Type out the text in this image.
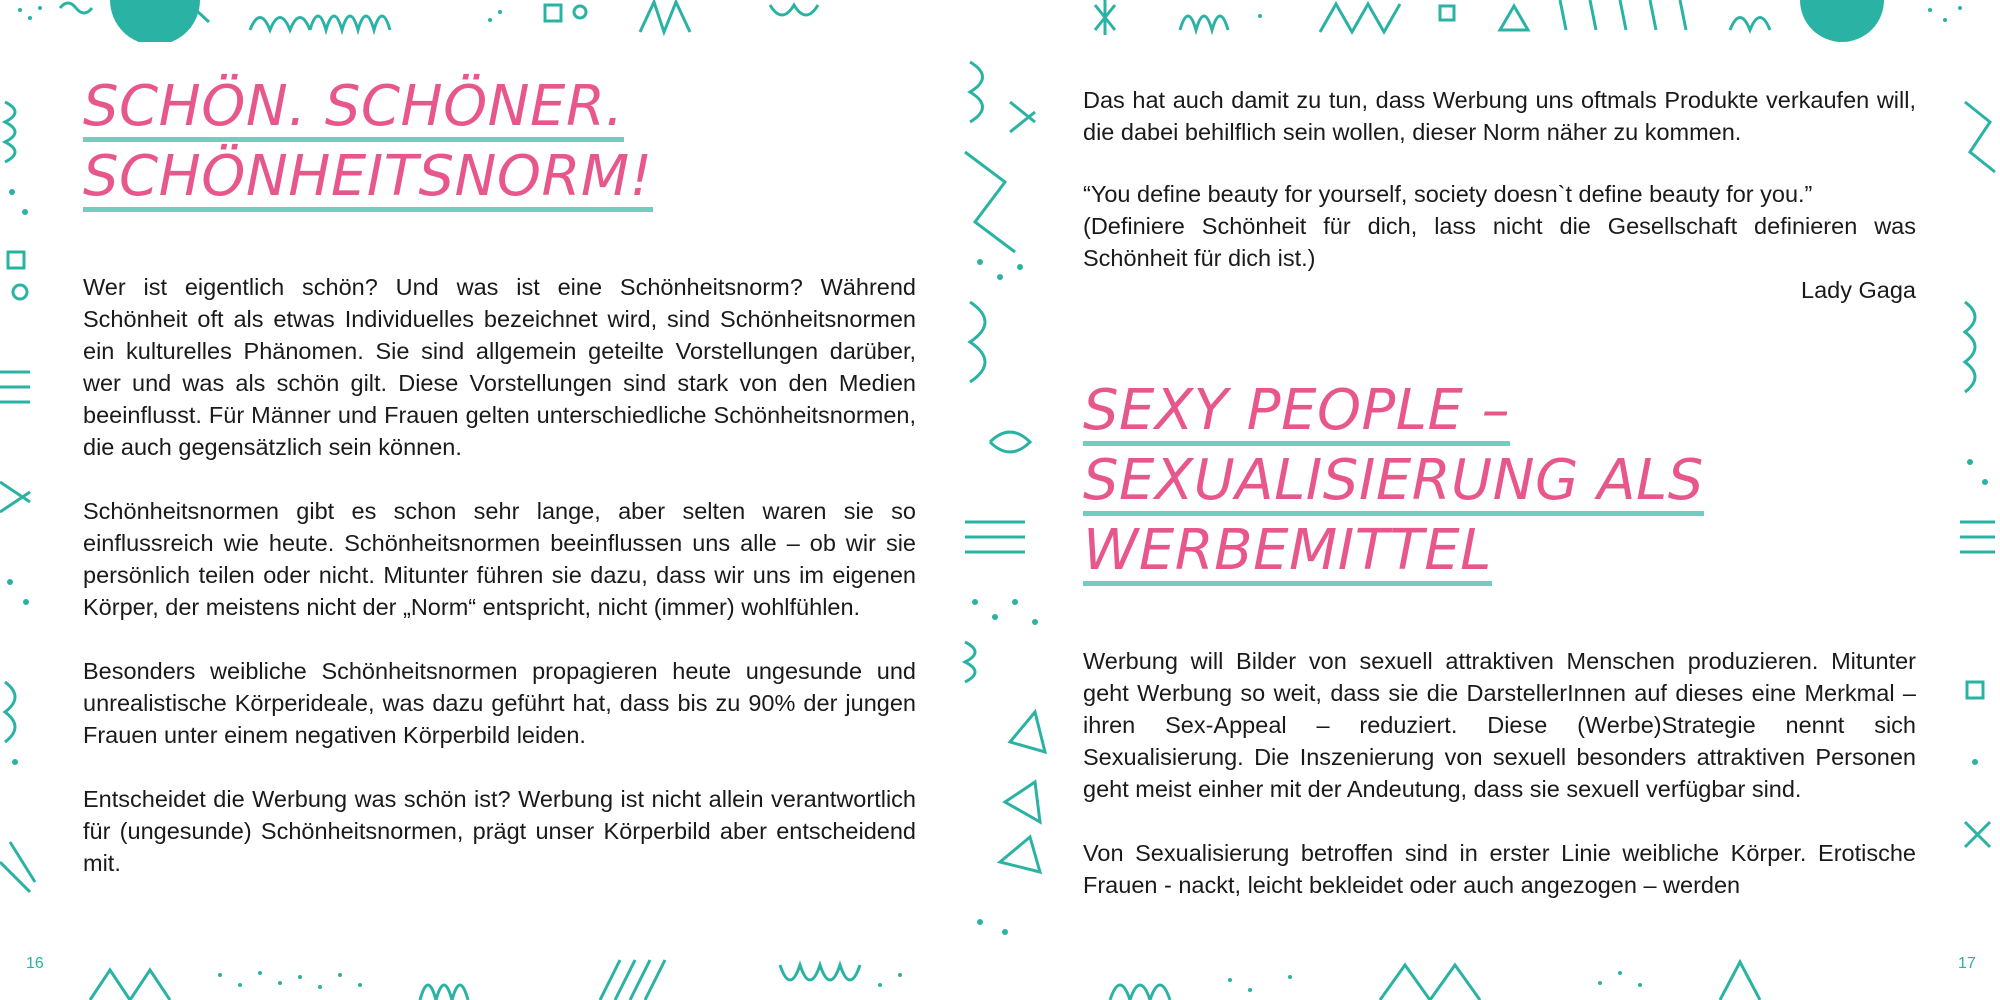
SCHÖN. SCHÖNER.
SCHÖNHEITSNORM!

Wer ist eigentlich schön? Und was ist eine Schönheitsnorm? Während Schönheit oft als etwas Individuelles bezeichnet wird, sind Schönheitsnormen ein kulturelles Phänomen. Sie sind allgemein geteilte Vorstellungen darüber, wer und was als schön gilt. Diese Vorstellungen sind stark von den Medien beeinflusst. Für Männer und Frauen gelten unterschiedliche Schönheitsnormen, die auch gegensätzlich sein können.

Schönheitsnormen gibt es schon sehr lange, aber selten waren sie so einflussreich wie heute. Schönheitsnormen beeinflussen uns alle – ob wir sie persönlich teilen oder nicht. Mitunter führen sie dazu, dass wir uns im eigenen Körper, der meistens nicht der „Norm“ entspricht, nicht (immer) wohlfühlen.

Besonders weibliche Schönheitsnormen propagieren heute ungesunde und unrealistische Körperideale, was dazu geführt hat, dass bis zu 90% der jungen Frauen unter einem negativen Körperbild leiden.

Entscheidet die Werbung was schön ist? Werbung ist nicht allein verantwortlich für (ungesunde) Schönheitsnormen, prägt unser Körperbild aber entscheidend mit.

16

Das hat auch damit zu tun, dass Werbung uns oftmals Produkte verkaufen will, die dabei behilflich sein wollen, dieser Norm näher zu kommen.

“You define beauty for yourself, society doesn`t define beauty for you.”

(Definiere Schönheit für dich, lass nicht die Gesellschaft definieren was Schönheit für dich ist.)

Lady Gaga

SEXY PEOPLE –
SEXUALISIERUNG ALS
WERBEMITTEL

Werbung will Bilder von sexuell attraktiven Menschen produzieren. Mitunter geht Werbung so weit, dass sie die DarstellerInnen auf dieses eine Merkmal – ihren Sex-Appeal – reduziert. Diese (Werbe)Strategie nennt sich Sexualisierung. Die Inszenierung von sexuell besonders attraktiven Personen geht meist einher mit der Andeutung, dass sie sexuell verfügbar sind.

Von Sexualisierung betroffen sind in erster Linie weibliche Körper. Erotische Frauen - nackt, leicht bekleidet oder auch angezogen – werden

17
